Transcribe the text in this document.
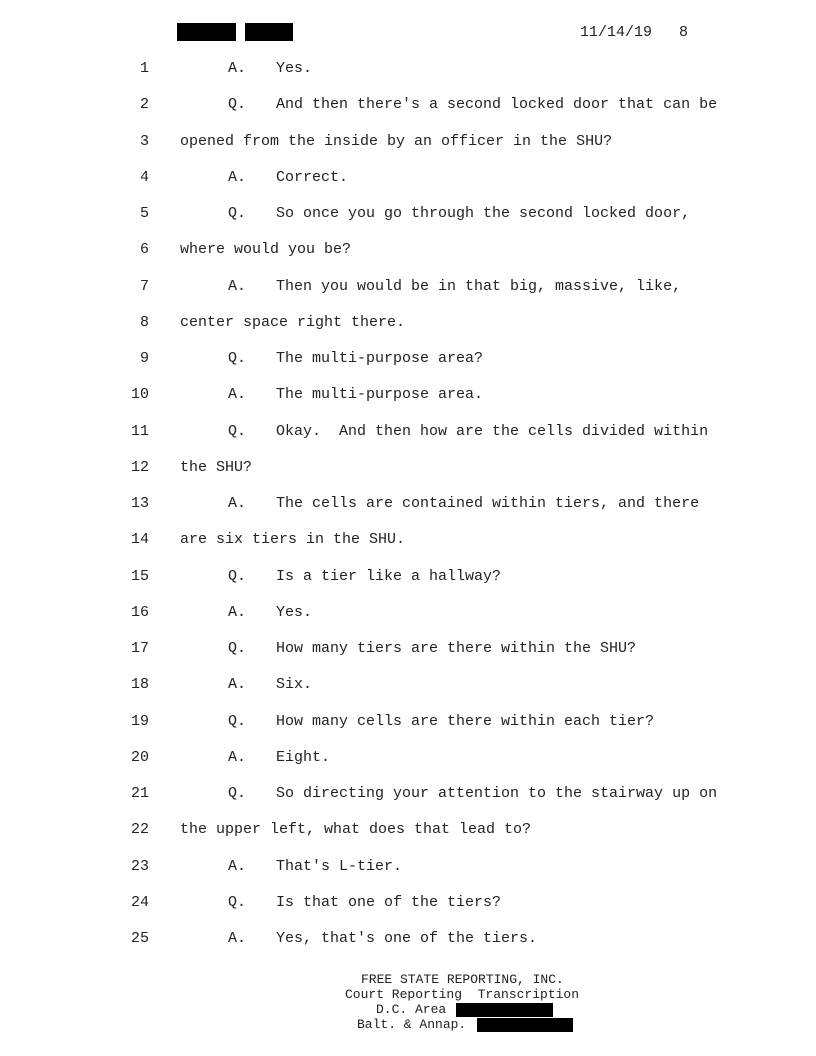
11/14/19 8
1	A. Yes.
2	Q. And then there's a second locked door that can be
3 opened from the inside by an officer in the SHU?
4	A. Correct.
5	Q. So once you go through the second locked door,
6 where would you be?
7	A. Then you would be in that big, massive, like,
8 center space right there.
9	Q. The multi-purpose area?
10	A. The multi-purpose area.
11	Q. Okay.  And then how are the cells divided within
12 the SHU?
13	A. The cells are contained within tiers, and there
14 are six tiers in the SHU.
15	Q. Is a tier like a hallway?
16	A. Yes.
17	Q. How many tiers are there within the SHU?
18	A. Six.
19	Q. How many cells are there within each tier?
20	A. Eight.
21	Q. So directing your attention to the stairway up on
22 the upper left, what does that lead to?
23	A. That's L-tier.
24	Q. Is that one of the tiers?
25	A. Yes, that's one of the tiers.
FREE STATE REPORTING, INC.
Court Reporting  Transcription
D.C. Area
Balt. & Annap.
